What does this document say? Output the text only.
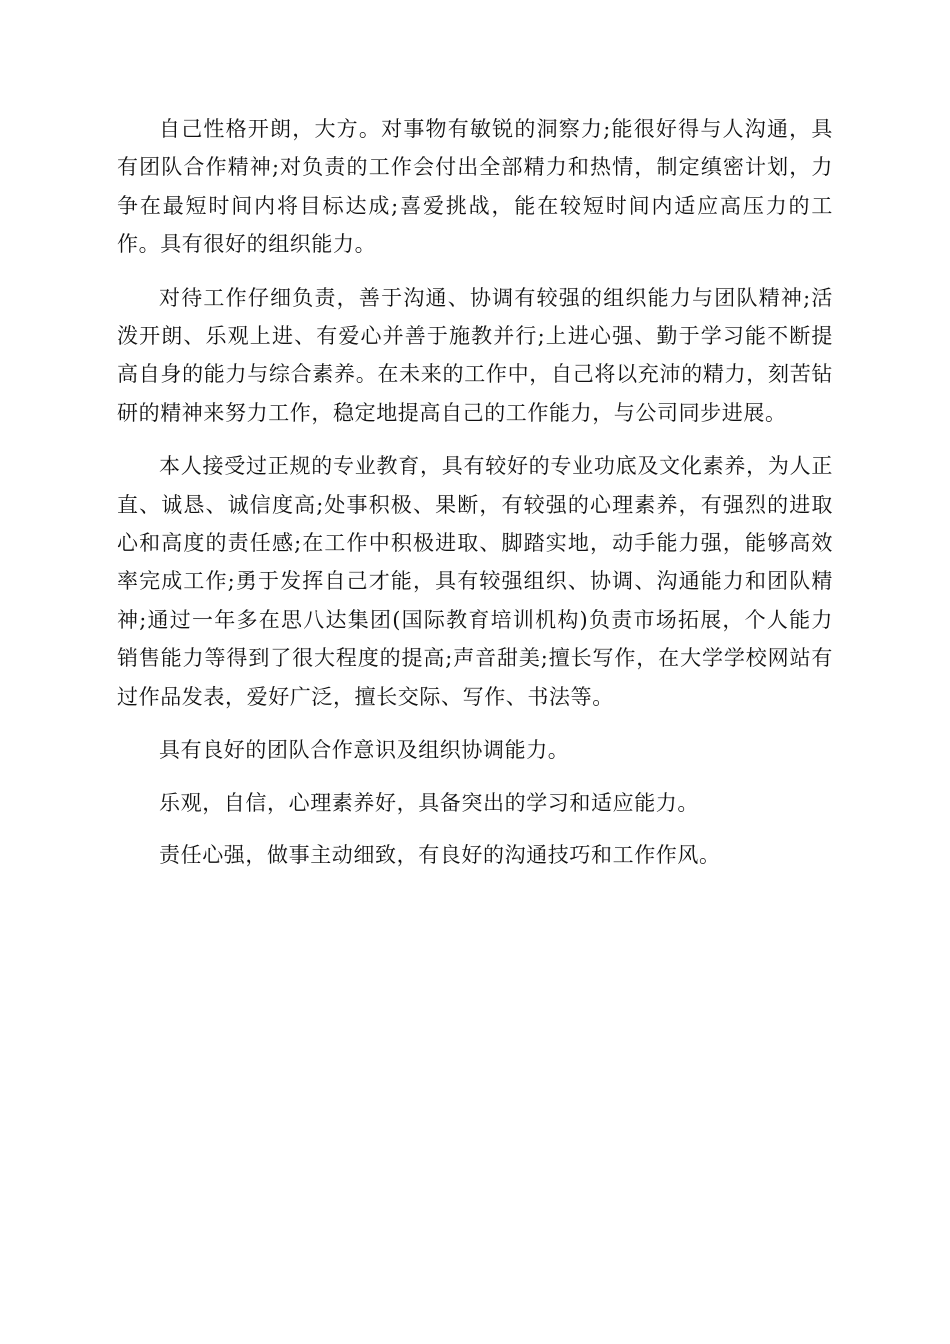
自己性格开朗，大方。对事物有敏锐的洞察力;能很好得与人沟通，具有团队合作精神;对负责的工作会付出全部精力和热情，制定缜密计划，力争在最短时间内将目标达成;喜爱挑战，能在较短时间内适应高压力的工作。具有很好的组织能力。

对待工作仔细负责，善于沟通、协调有较强的组织能力与团队精神;活泼开朗、乐观上进、有爱心并善于施教并行;上进心强、勤于学习能不断提高自身的能力与综合素养。在未来的工作中，自己将以充沛的精力，刻苦钻研的精神来努力工作，稳定地提高自己的工作能力，与公司同步进展。

本人接受过正规的专业教育，具有较好的专业功底及文化素养，为人正直、诚恳、诚信度高;处事积极、果断，有较强的心理素养，有强烈的进取心和高度的责任感;在工作中积极进取、脚踏实地，动手能力强，能够高效率完成工作;勇于发挥自己才能，具有较强组织、协调、沟通能力和团队精神;通过一年多在思八达集团(国际教育培训机构)负责市场拓展，个人能力销售能力等得到了很大程度的提高;声音甜美;擅长写作，在大学学校网站有过作品发表，爱好广泛，擅长交际、写作、书法等。

具有良好的团队合作意识及组织协调能力。

乐观，自信，心理素养好，具备突出的学习和适应能力。

责任心强，做事主动细致，有良好的沟通技巧和工作作风。
